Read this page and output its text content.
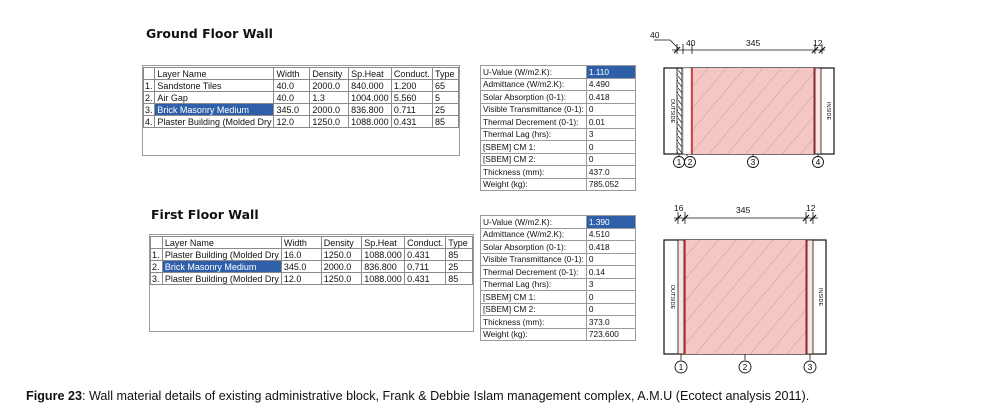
Ground Floor Wall
	Layer Name	Width	Density	Sp.Heat	Conduct.	Type
1.	Sandstone Tiles	40.0	2000.0	840.000	1.200	65
2.	Air Gap	40.0	1.3	1004.000	5.560	5
3.	Brick Masonry Medium	345.0	2000.0	836.800	0.711	25
4.	Plaster Building (Molded Dry	12.0	1250.0	1088.000	0.431	85
U-Value (W/m2.K):	1.110
Admittance (W/m2.K):	4.490
Solar Absorption (0-1):	0.418
Visible Transmittance (0-1):	0
Thermal Decrement (0-1):	0.01
Thermal Lag (hrs):	3
[SBEM] CM 1:	0
[SBEM] CM 2:	0
Thickness (mm):	437.0
Weight (kg):	785.052
40
40	345	12
OUTSIDE	INSIDE
1 2	3	4
First Floor Wall
	Layer Name	Width	Density	Sp.Heat	Conduct.	Type
1.	Plaster Building (Molded Dry	16.0	1250.0	1088.000	0.431	85
2.	Brick Masonry Medium	345.0	2000.0	836.800	0.711	25
3.	Plaster Building (Molded Dry	12.0	1250.0	1088.000	0.431	85
U-Value (W/m2.K):	1.390
Admittance (W/m2.K):	4.510
Solar Absorption (0-1):	0.418
Visible Transmittance (0-1):	0
Thermal Decrement (0-1):	0.14
Thermal Lag (hrs):	3
[SBEM] CM 1:	0
[SBEM] CM 2:	0
Thickness (mm):	373.0
Weight (kg):	723.600
16	345	12
OUTSIDE	INSIDE
1	2	3
Figure 23: Wall material details of existing administrative block, Frank & Debbie Islam management complex, A.M.U (Ecotect analysis 2011).
